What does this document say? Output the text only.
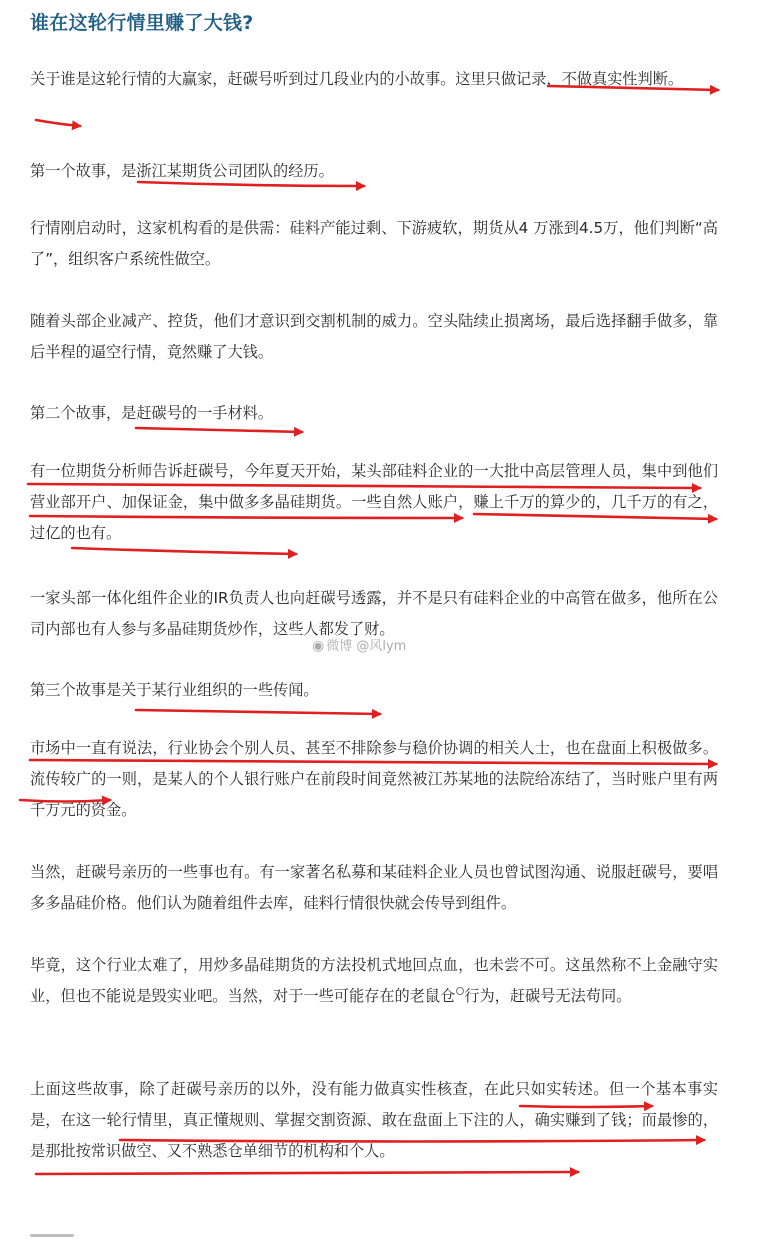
谁在这轮行情里赚了大钱?

关于谁是这轮行情的大赢家，赶碳号听到过几段业内的小故事。这里只做记录，不做真实性判断。

第一个故事，是浙江某期货公司团队的经历。

行情刚启动时，这家机构看的是供需：硅料产能过剩、下游疲软，期货从4 万涨到4.5万，他们判断“高了”，组织客户系统性做空。

随着头部企业减产、控货，他们才意识到交割机制的威力。空头陆续止损离场，最后选择翻手做多，靠后半程的逼空行情，竟然赚了大钱。

第二个故事，是赶碳号的一手材料。

有一位期货分析师告诉赶碳号，今年夏天开始，某头部硅料企业的一大批中高层管理人员，集中到他们营业部开户、加保证金，集中做多多晶硅期货。一些自然人账户，赚上千万的算少的，几千万的有之，过亿的也有。

一家头部一体化组件企业的IR负责人也向赶碳号透露，并不是只有硅料企业的中高管在做多，他所在公司内部也有人参与多晶硅期货炒作，这些人都发了财。

第三个故事是关于某行业组织的一些传闻。

市场中一直有说法，行业协会个别人员、甚至不排除参与稳价协调的相关人士，也在盘面上积极做多。流传较广的一则，是某人的个人银行账户在前段时间竟然被江苏某地的法院给冻结了，当时账户里有两千万元的资金。

当然，赶碳号亲历的一些事也有。有一家著名私募和某硅料企业人员也曾试图沟通、说服赶碳号，要唱多多晶硅价格。他们认为随着组件去库，硅料行情很快就会传导到组件。

毕竟，这个行业太难了，用炒多晶硅期货的方法投机式地回点血，也未尝不可。这虽然称不上金融守实业，但也不能说是毁实业吧。当然，对于一些可能存在的老鼠仓 行为，赶碳号无法苟同。

上面这些故事，除了赶碳号亲历的以外，没有能力做真实性核查，在此只如实转述。但一个基本事实是，在这一轮行情里，真正懂规则、掌握交割资源、敢在盘面上下注的人，确实赚到了钱；而最惨的，是那批按常识做空、又不熟悉仓单细节的机构和个人。

◉ 微博 @风lym
